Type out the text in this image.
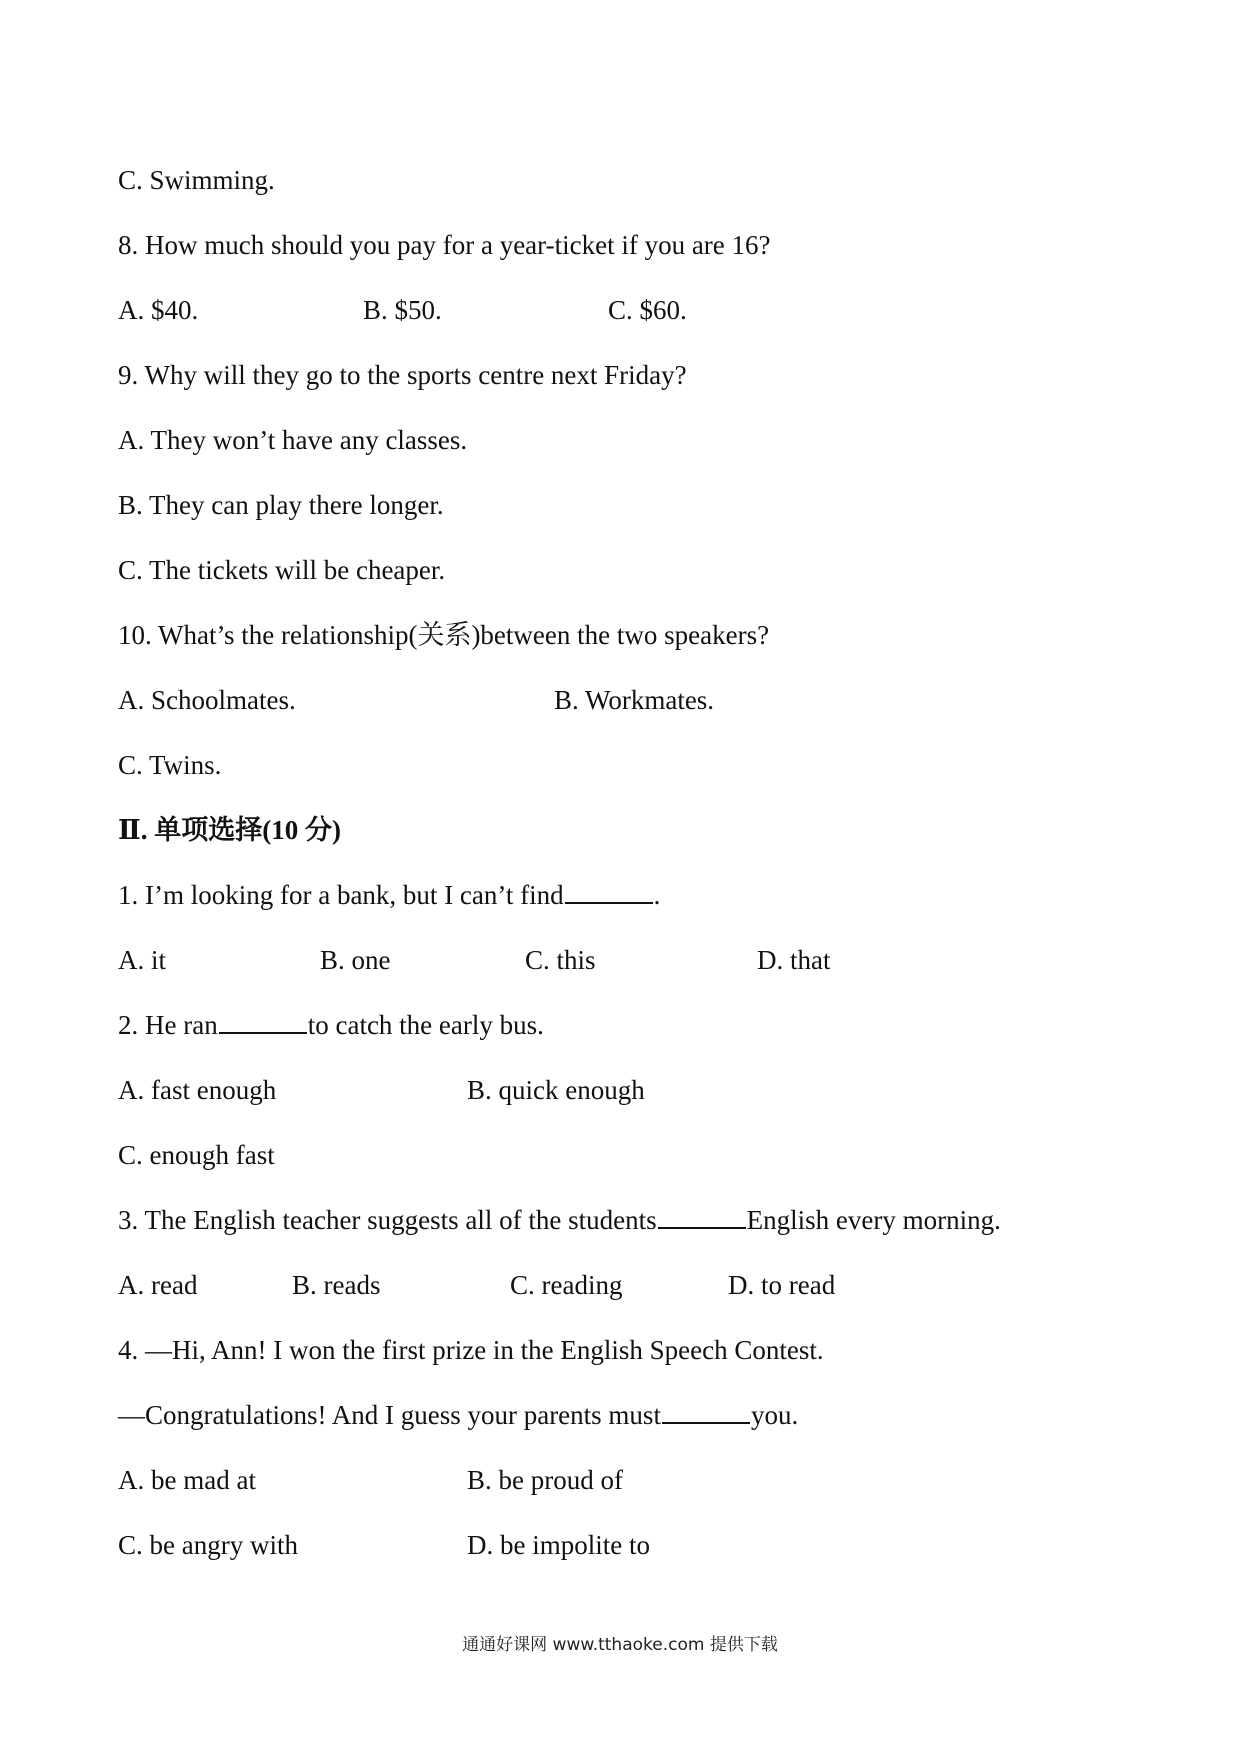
C. Swimming.
8. How much should you pay for a year-ticket if you are 16?
A. $40.	B. $50.	C. $60.
9. Why will they go to the sports centre next Friday?
A. They won’t have any classes.
B. They can play there longer.
C. The tickets will be cheaper.
10. What’s the relationship(关系)between the two speakers?
A. Schoolmates.	B. Workmates.
C. Twins.
Ⅱ. 单项选择(10 分)
1. I’m looking for a bank, but I can’t find	.
A. it	B. one	C. this	D. that
2. He ran	to catch the early bus.
A. fast enough	B. quick enough
C. enough fast
3. The English teacher suggests all of the students	English every morning.
A. read	B. reads	C. reading	D. to read
4. —Hi, Ann! I won the first prize in the English Speech Contest.
—Congratulations! And I guess your parents must	you.
A. be mad at	B. be proud of
C. be angry with	D. be impolite to
通通好课网 www.tthaoke.com 提供下载
